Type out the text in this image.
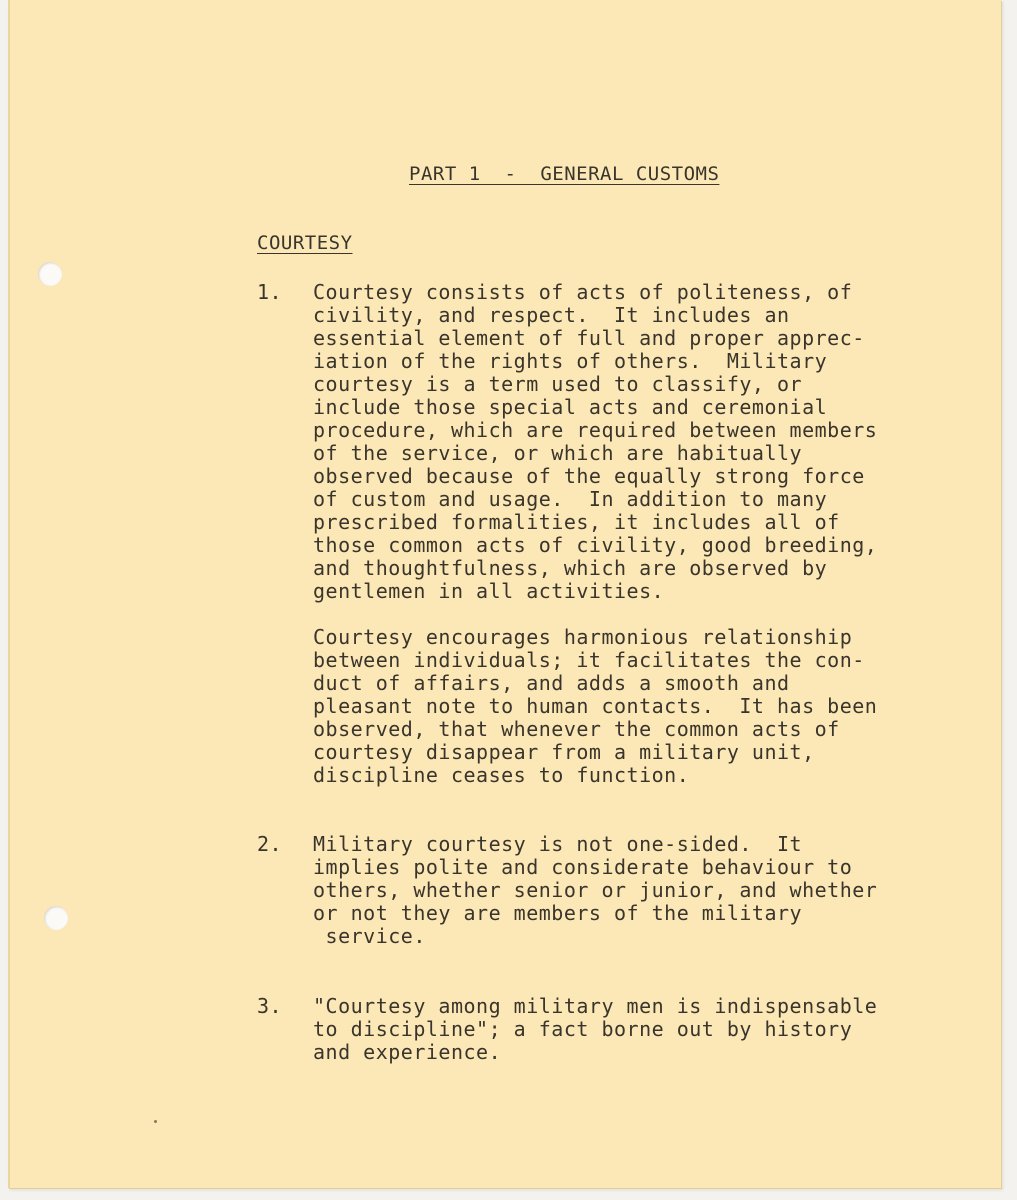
PART 1  -  GENERAL CUSTOMS
COURTESY
1. Courtesy consists of acts of politeness, of
civility, and respect.  It includes an
essential element of full and proper apprec-
iation of the rights of others.  Military
courtesy is a term used to classify, or
include those special acts and ceremonial
procedure, which are required between members
of the service, or which are habitually
observed because of the equally strong force
of custom and usage.  In addition to many
prescribed formalities, it includes all of
those common acts of civility, good breeding,
and thoughtfulness, which are observed by
gentlemen in all activities.
Courtesy encourages harmonious relationship
between individuals; it facilitates the con-
duct of affairs, and adds a smooth and
pleasant note to human contacts.  It has been
observed, that whenever the common acts of
courtesy disappear from a military unit,
discipline ceases to function.
2. Military courtesy is not one-sided.  It
implies polite and considerate behaviour to
others, whether senior or junior, and whether
or not they are members of the military
service.
3. "Courtesy among military men is indispensable
to discipline"; a fact borne out by history
and experience.
